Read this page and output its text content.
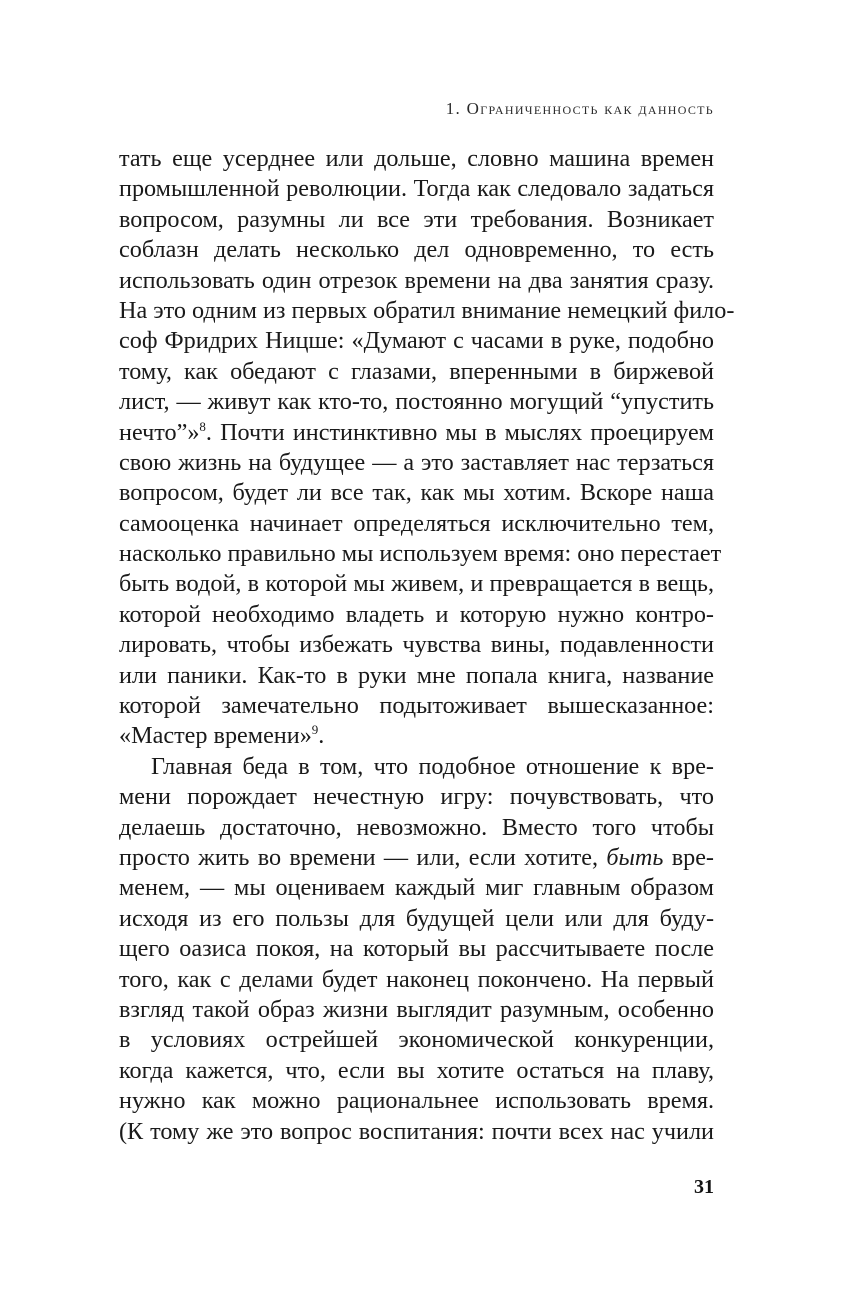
1. Ограниченность как данность
тать еще усерднее или дольше, словно машина времен
промышленной революции. Тогда как следовало задаться
вопросом, разумны ли все эти требования. Возникает
соблазн делать несколько дел одновременно, то есть
использовать один отрезок времени на два занятия сразу.
На это одним из первых обратил внимание немецкий фило-
соф Фридрих Ницше: «Думают с часами в руке, подобно
тому, как обедают с глазами, вперенными в биржевой
лист, — живут как кто-то, постоянно могущий “упустить
нечто”»$^8$. Почти инстинктивно мы в мыслях проецируем
свою жизнь на будущее — а это заставляет нас терзаться
вопросом, будет ли все так, как мы хотим. Вскоре наша
самооценка начинает определяться исключительно тем,
насколько правильно мы используем время: оно перестает
быть водой, в которой мы живем, и превращается в вещь,
которой необходимо владеть и которую нужно контро-
лировать, чтобы избежать чувства вины, подавленности
или паники. Как-то в руки мне попала книга, название
которой замечательно подытоживает вышесказанное:
«Мастер времени»$^9$.
Главная беда в том, что подобное отношение к вре-
мени порождает нечестную игру: почувствовать, что
делаешь достаточно, невозможно. Вместо того чтобы
просто жить во времени — или, если хотите, быть вре-
менем, — мы оцениваем каждый миг главным образом
исходя из его пользы для будущей цели или для буду-
щего оазиса покоя, на который вы рассчитываете после
того, как с делами будет наконец покончено. На первый
взгляд такой образ жизни выглядит разумным, особенно
в условиях острейшей экономической конкуренции,
когда кажется, что, если вы хотите остаться на плаву,
нужно как можно рациональнее использовать время.
(К тому же это вопрос воспитания: почти всех нас учили
31
